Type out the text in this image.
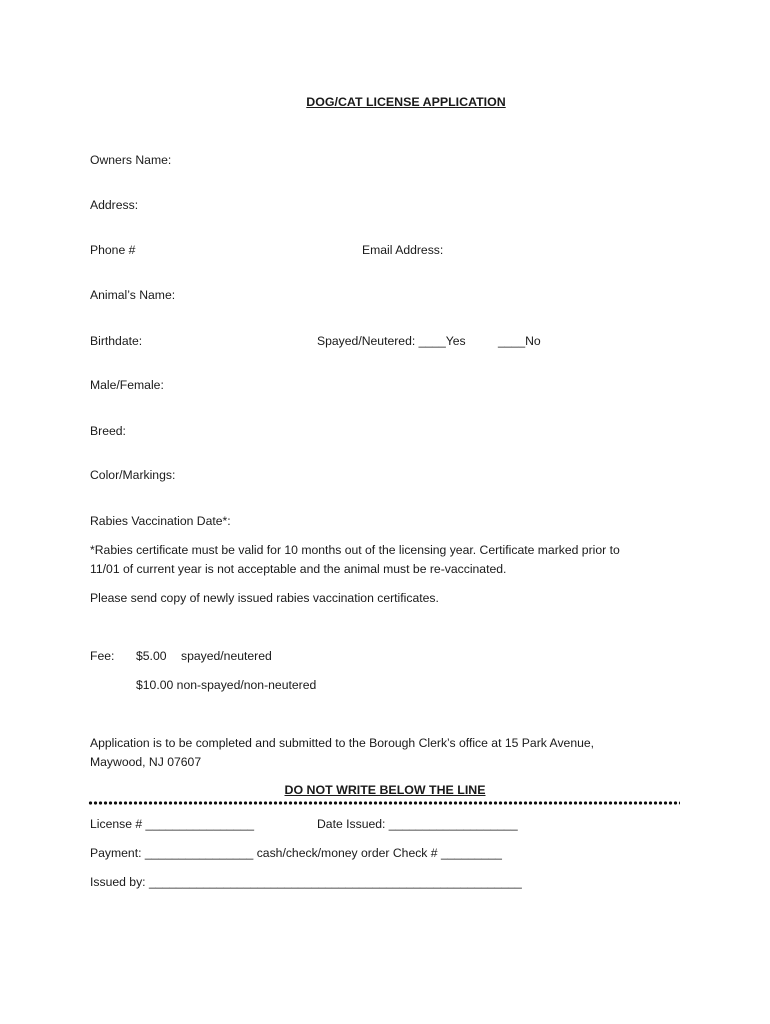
DOG/CAT LICENSE APPLICATION
Owners Name:
Address:
Phone #	Email Address:
Animal’s Name:
Birthdate:	Spayed/Neutered: ____Yes	____No
Male/Female:
Breed:
Color/Markings:
Rabies Vaccination Date*:
*Rabies certificate must be valid for 10 months out of the licensing year. Certificate marked prior to
11/01 of current year is not acceptable and the animal must be re-vaccinated.
Please send copy of newly issued rabies vaccination certificates.
Fee: $5.00 spayed/neutered
$10.00 non-spayed/non-neutered
Application is to be completed and submitted to the Borough Clerk’s office at 15 Park Avenue,
Maywood, NJ 07607
DO NOT WRITE BELOW THE LINE
License # ________________	Date Issued: ___________________
Payment: ________________ cash/check/money order Check # _________
Issued by: _______________________________________________________
